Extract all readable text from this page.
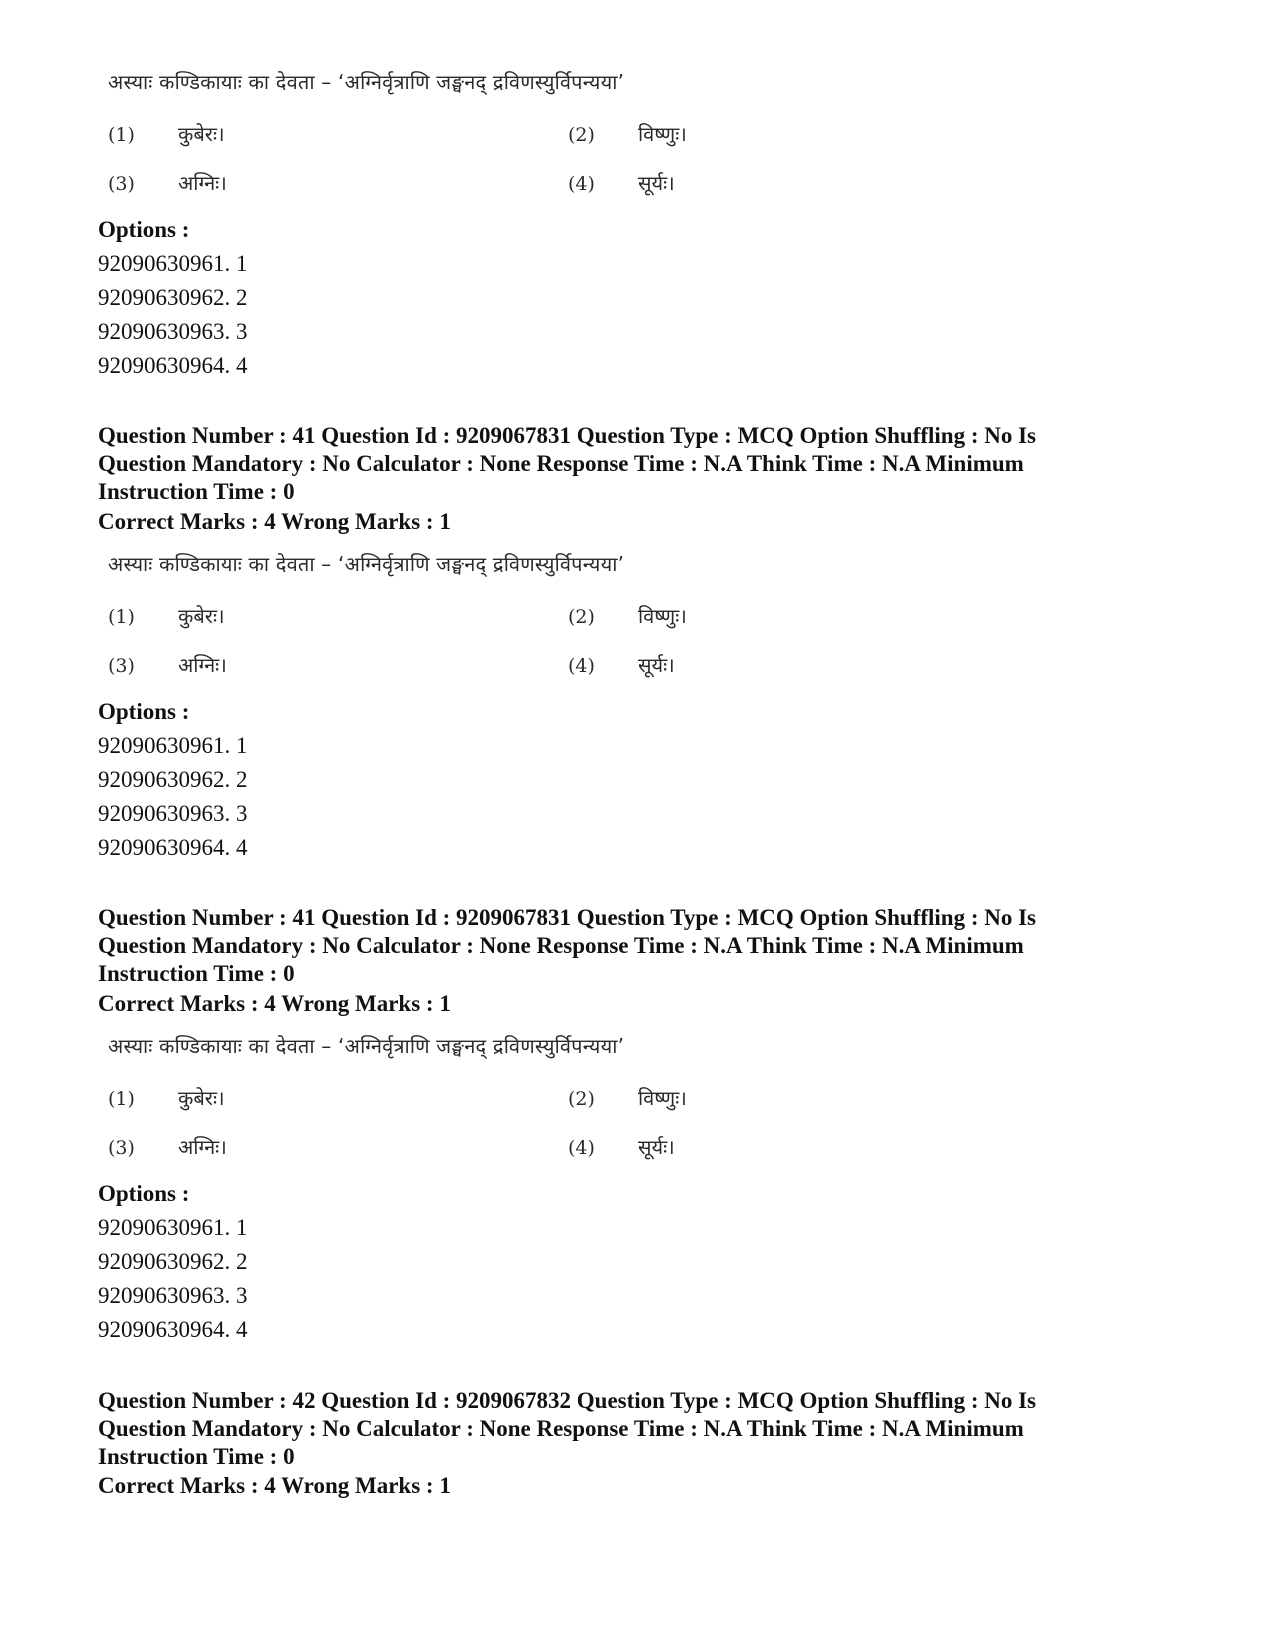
अस्याः कण्डिकायाः का देवता – ‘अग्निर्वृत्राणि जङ्घनद् द्रविणस्युर्विपन्यया’
(1) कुबेरः।	(2) विष्णुः।
(3) अग्निः।	(4) सूर्यः।
Options :
92090630961. 1
92090630962. 2
92090630963. 3
92090630964. 4
Question Number : 41 Question Id : 9209067831 Question Type : MCQ Option Shuffling : No Is
Question Mandatory : No Calculator : None Response Time : N.A Think Time : N.A Minimum
Instruction Time : 0
Correct Marks : 4 Wrong Marks : 1
अस्याः कण्डिकायाः का देवता – ‘अग्निर्वृत्राणि जङ्घनद् द्रविणस्युर्विपन्यया’
(1) कुबेरः।	(2) विष्णुः।
(3) अग्निः।	(4) सूर्यः।
Options :
92090630961. 1
92090630962. 2
92090630963. 3
92090630964. 4
Question Number : 41 Question Id : 9209067831 Question Type : MCQ Option Shuffling : No Is
Question Mandatory : No Calculator : None Response Time : N.A Think Time : N.A Minimum
Instruction Time : 0
Correct Marks : 4 Wrong Marks : 1
अस्याः कण्डिकायाः का देवता – ‘अग्निर्वृत्राणि जङ्घनद् द्रविणस्युर्विपन्यया’
(1) कुबेरः।	(2) विष्णुः।
(3) अग्निः।	(4) सूर्यः।
Options :
92090630961. 1
92090630962. 2
92090630963. 3
92090630964. 4
Question Number : 42 Question Id : 9209067832 Question Type : MCQ Option Shuffling : No Is
Question Mandatory : No Calculator : None Response Time : N.A Think Time : N.A Minimum
Instruction Time : 0
Correct Marks : 4 Wrong Marks : 1
